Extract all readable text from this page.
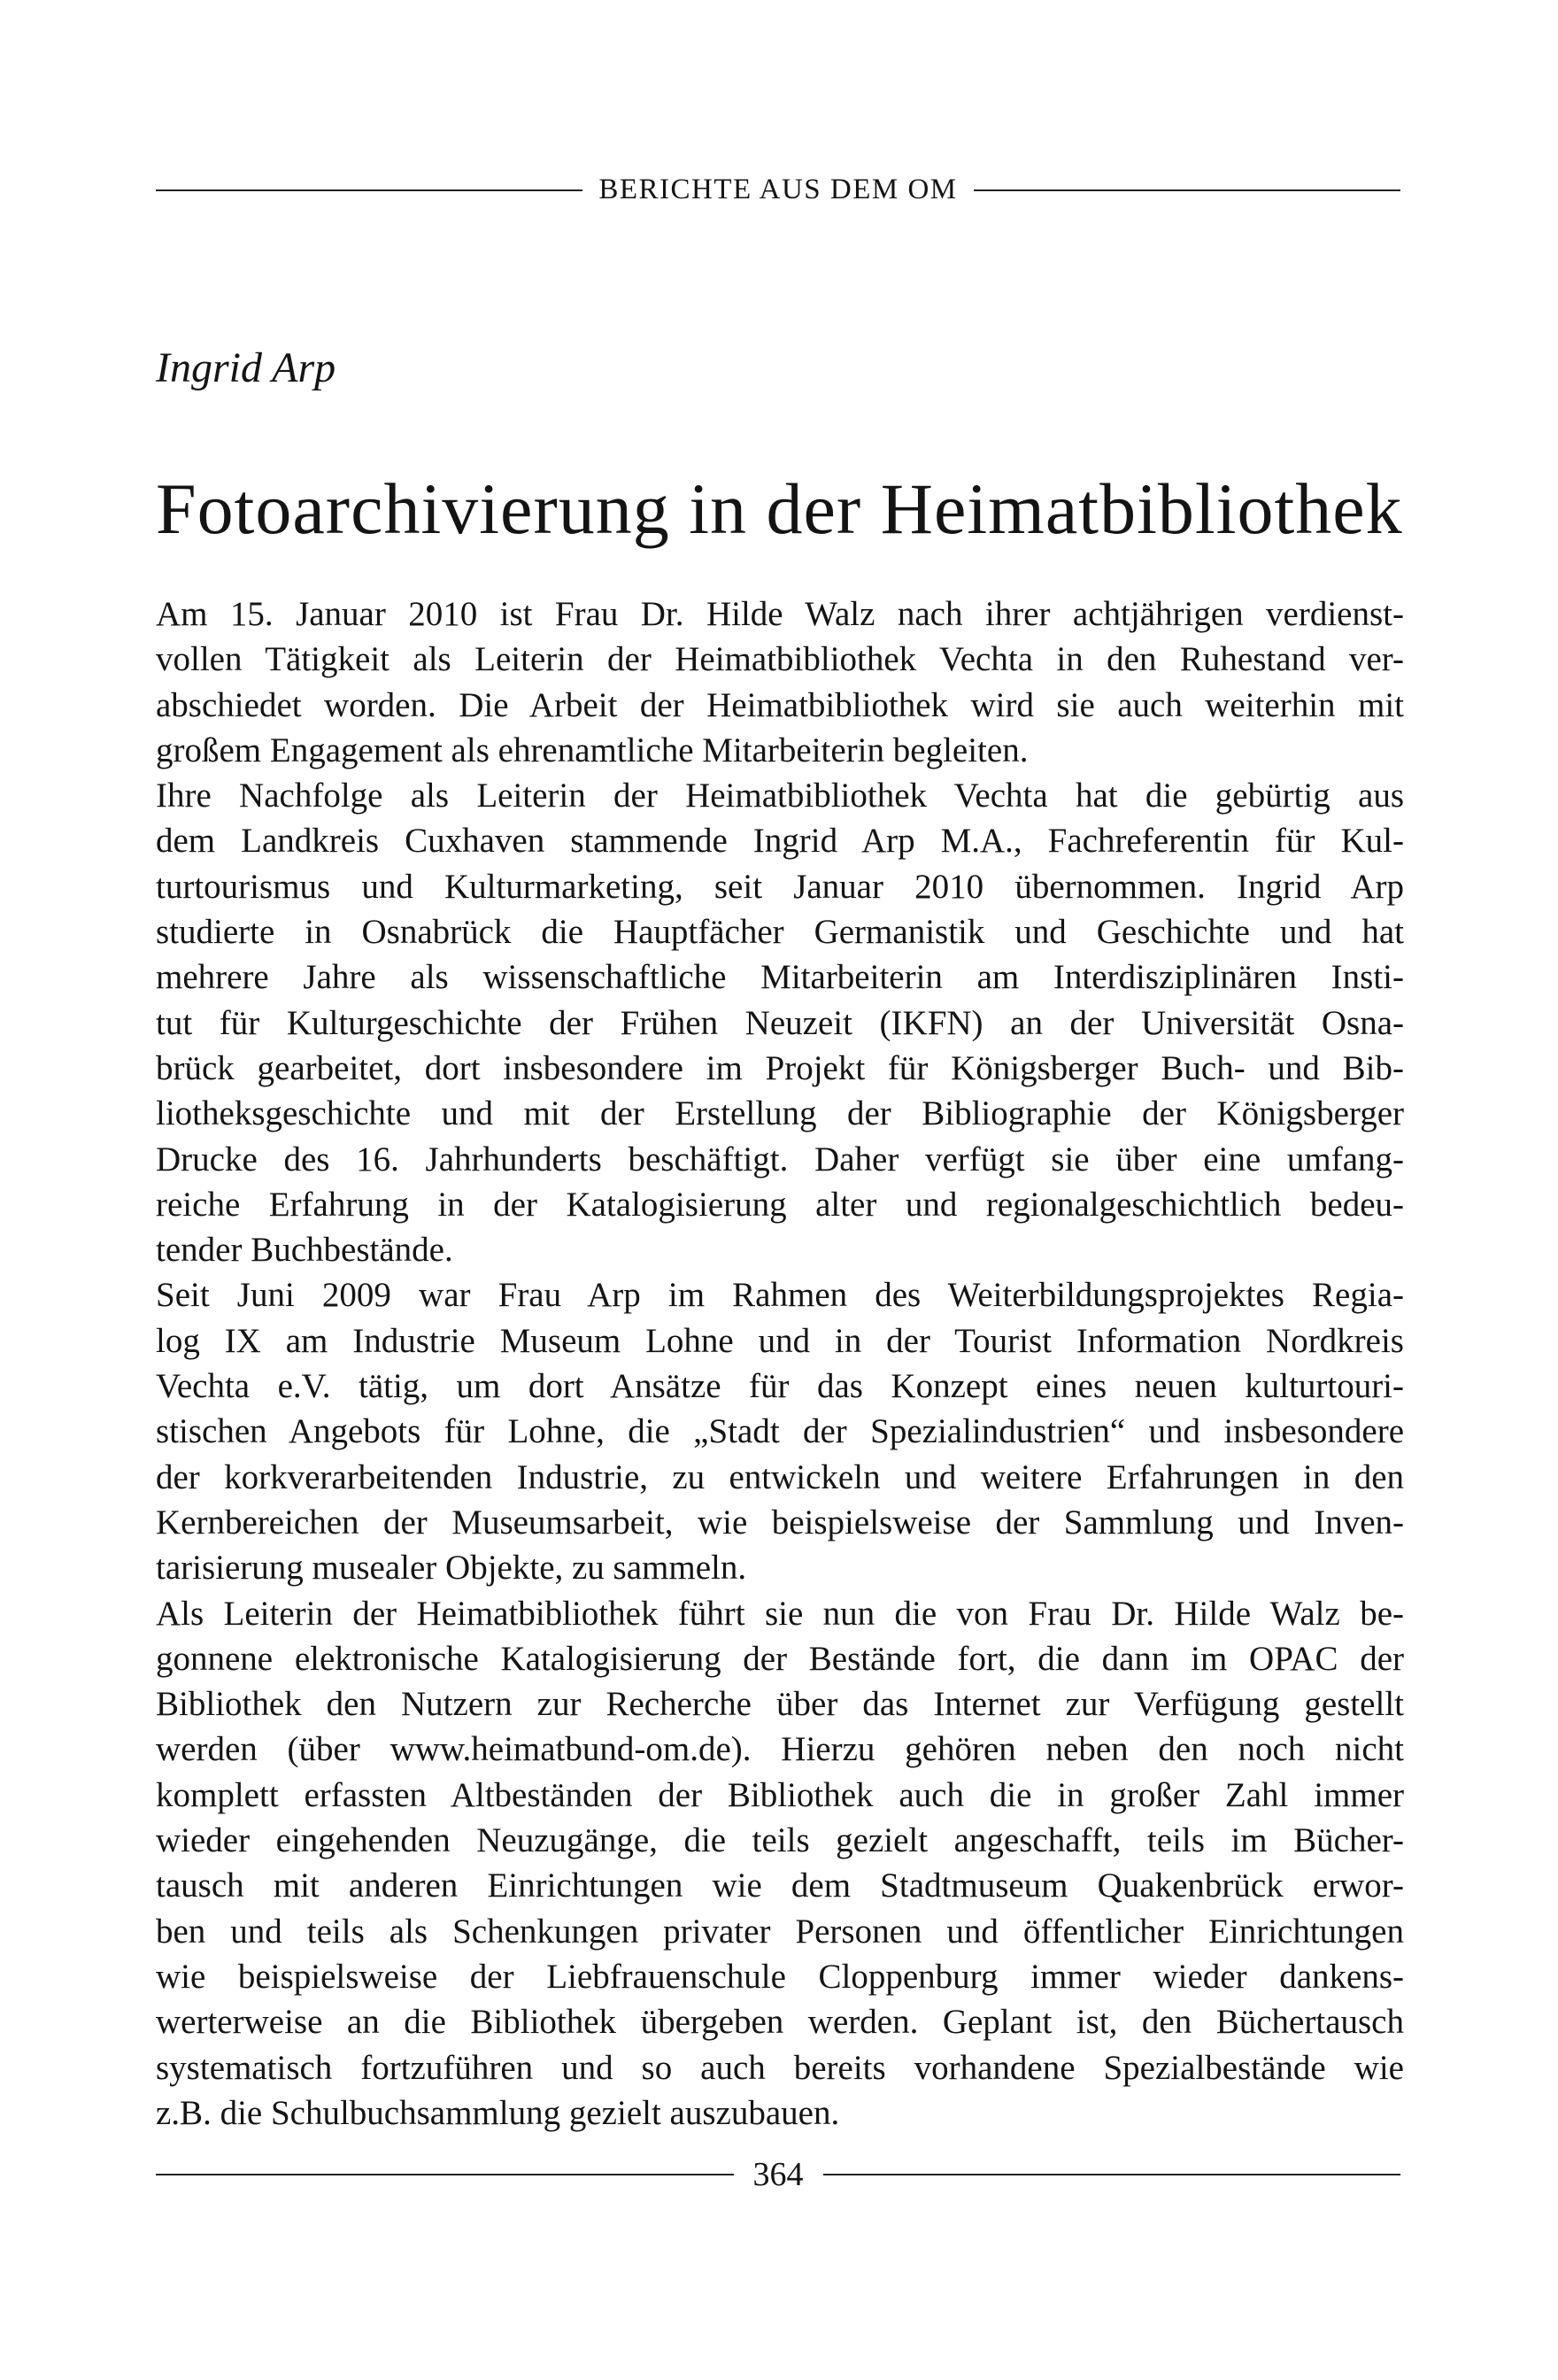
BERICHTE AUS DEM OM
Ingrid Arp
Fotoarchivierung in der Heimatbibliothek

Am 15. Januar 2010 ist Frau Dr. Hilde Walz nach ihrer achtjährigen verdienst-
vollen Tätigkeit als Leiterin der Heimatbibliothek Vechta in den Ruhestand ver-
abschiedet worden. Die Arbeit der Heimatbibliothek wird sie auch weiterhin mit
großem Engagement als ehrenamtliche Mitarbeiterin begleiten.

Ihre Nachfolge als Leiterin der Heimatbibliothek Vechta hat die gebürtig aus
dem Landkreis Cuxhaven stammende Ingrid Arp M.A., Fachreferentin für Kul-
turtourismus und Kulturmarketing, seit Januar 2010 übernommen. Ingrid Arp
studierte in Osnabrück die Hauptfächer Germanistik und Geschichte und hat
mehrere Jahre als wissenschaftliche Mitarbeiterin am Interdisziplinären Insti-
tut für Kulturgeschichte der Frühen Neuzeit (IKFN) an der Universität Osna-
brück gearbeitet, dort insbesondere im Projekt für Königsberger Buch- und Bib-
liotheksgeschichte und mit der Erstellung der Bibliographie der Königsberger
Drucke des 16. Jahrhunderts beschäftigt. Daher verfügt sie über eine umfang-
reiche Erfahrung in der Katalogisierung alter und regionalgeschichtlich bedeu-
tender Buchbestände.

Seit Juni 2009 war Frau Arp im Rahmen des Weiterbildungsprojektes Regia-
log IX am Industrie Museum Lohne und in der Tourist Information Nordkreis
Vechta e.V. tätig, um dort Ansätze für das Konzept eines neuen kulturtouri-
stischen Angebots für Lohne, die „Stadt der Spezialindustrien“ und insbesondere
der korkverarbeitenden Industrie, zu entwickeln und weitere Erfahrungen in den
Kernbereichen der Museumsarbeit, wie beispielsweise der Sammlung und Inven-
tarisierung musealer Objekte, zu sammeln.

Als Leiterin der Heimatbibliothek führt sie nun die von Frau Dr. Hilde Walz be-
gonnene elektronische Katalogisierung der Bestände fort, die dann im OPAC der
Bibliothek den Nutzern zur Recherche über das Internet zur Verfügung gestellt
werden (über www.heimatbund-om.de). Hierzu gehören neben den noch nicht
komplett erfassten Altbeständen der Bibliothek auch die in großer Zahl immer
wieder eingehenden Neuzugänge, die teils gezielt angeschafft, teils im Bücher-
tausch mit anderen Einrichtungen wie dem Stadtmuseum Quakenbrück erwor-
ben und teils als Schenkungen privater Personen und öffentlicher Einrichtungen
wie beispielsweise der Liebfrauenschule Cloppenburg immer wieder dankens-
werterweise an die Bibliothek übergeben werden. Geplant ist, den Büchertausch
systematisch fortzuführen und so auch bereits vorhandene Spezialbestände wie
z.B. die Schulbuchsammlung gezielt auszubauen.

364
